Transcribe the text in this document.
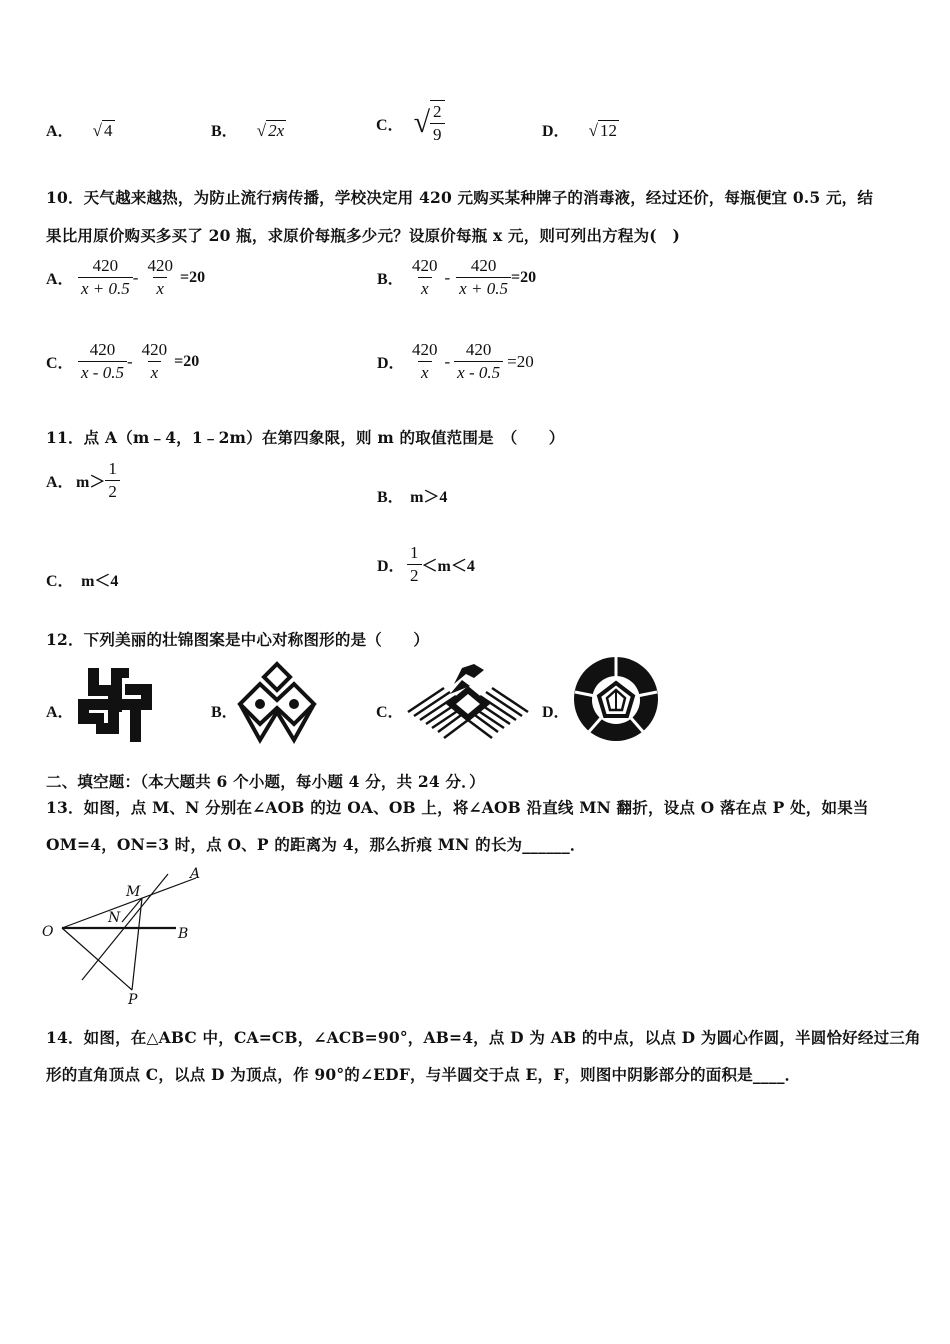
A． √ 4	B． √ 2x	C． √ $\frac{2}{9}$	D． √ 12
10．天气越来越热，为防止流行病传播，学校决定用 420 元购买某种牌子的消毒液，经过还价，每瓶便宜 0.5 元，结
果比用原价购买多买了 20 瓶，求原价每瓶多少元？设原价每瓶 x 元，则可列出方程为(　)
A． $\frac{420}{x + 0.5} - \frac{420}{x} =20$	B． $\frac{420}{x} - \frac{420}{x + 0.5} =20$
C． $\frac{420}{x - 0.5} - \frac{420}{x} =20$	D． $\frac{420}{x} - \frac{420}{x - 0.5} =20$
11．点 A（m﹣4，1﹣2m）在第四象限，则 m 的取值范围是　（　　）
A． $m> \frac{1}{2}$	B． m＞4
C． m＜4
D． $\frac{1}{2} <m<4$
12．下列美丽的壮锦图案是中心对称图形的是（　　）
A．	B．	C．	D．
二、填空题：（本大题共 6 个小题，每小题 4 分，共 24 分．）
13．如图，点 M、N 分别在∠AOB 的边 OA、OB 上，将∠AOB 沿直线 MN 翻折，设点 O 落在点 P 处，如果当
OM=4，ON=3 时，点 O、P 的距离为 4，那么折痕 MN 的长为______．
O
A
B
M
N
P
14．如图，在△ABC 中，CA=CB，∠ACB=90°，AB=4，点 D 为 AB 的中点，以点 D 为圆心作圆，半圆恰好经过三角
形的直角顶点 C，以点 D 为顶点，作 90°的∠EDF，与半圆交于点 E，F，则图中阴影部分的面积是____．
